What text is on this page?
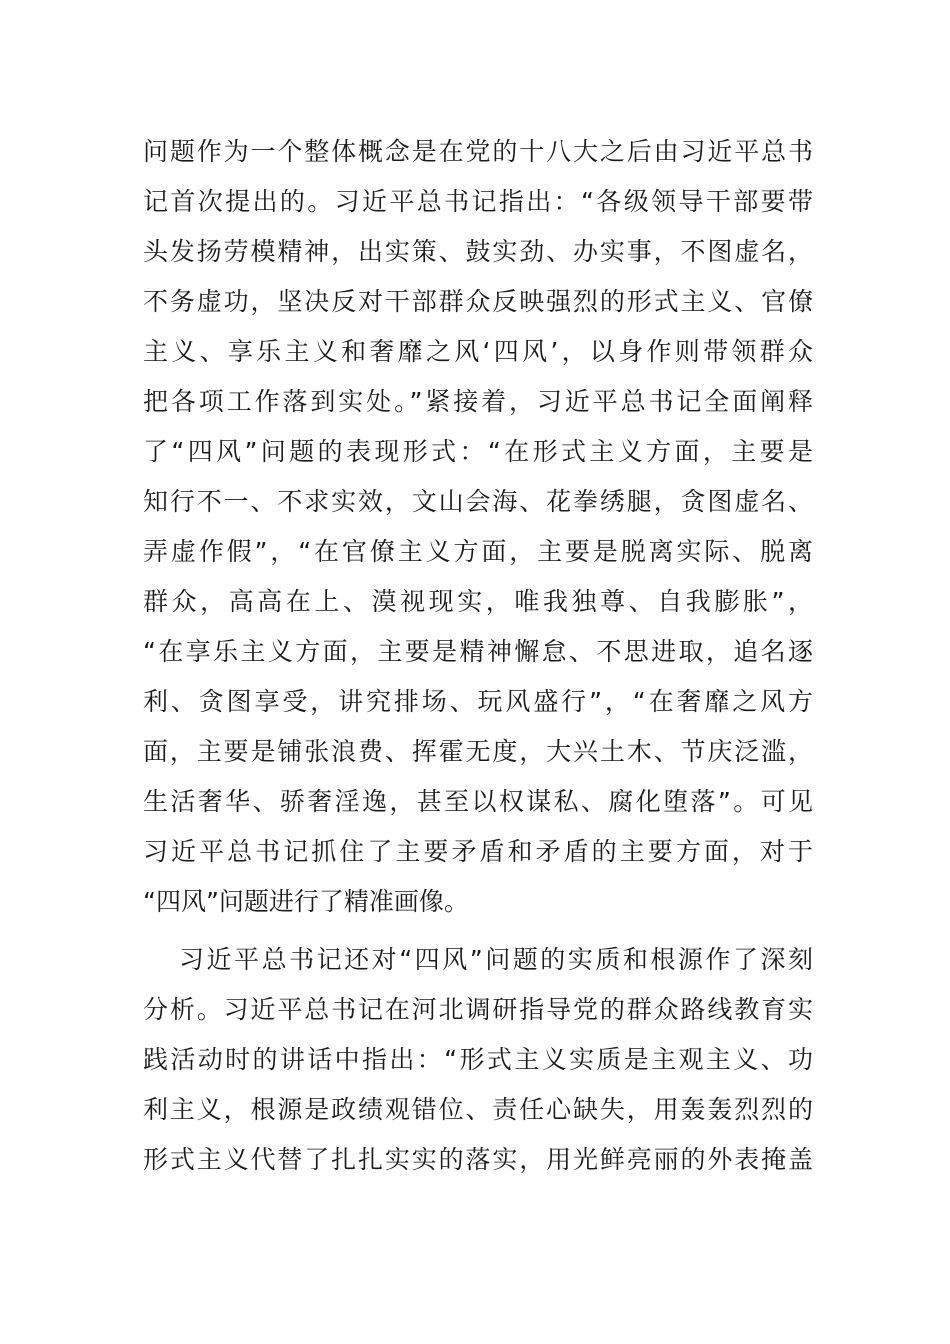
问题作为一个整体概念是在党的十八大之后由习近平总书
记首次提出的。习近平总书记指出：“各级领导干部要带
头发扬劳模精神，出实策、鼓实劲、办实事，不图虚名，
不务虚功，坚决反对干部群众反映强烈的形式主义、官僚
主义、享乐主义和奢靡之风‘四风’，以身作则带领群众
把各项工作落到实处。”紧接着，习近平总书记全面阐释
了“四风”问题的表现形式：“在形式主义方面，主要是
知行不一、不求实效，文山会海、花拳绣腿，贪图虚名、
弄虚作假”，“在官僚主义方面，主要是脱离实际、脱离
群众，高高在上、漠视现实，唯我独尊、自我膨胀”，
“在享乐主义方面，主要是精神懈怠、不思进取，追名逐
利、贪图享受，讲究排场、玩风盛行”，“在奢靡之风方
面，主要是铺张浪费、挥霍无度，大兴土木、节庆泛滥，
生活奢华、骄奢淫逸，甚至以权谋私、腐化堕落”。可见
习近平总书记抓住了主要矛盾和矛盾的主要方面，对于
“四风”问题进行了精准画像。

习近平总书记还对“四风”问题的实质和根源作了深刻
分析。习近平总书记在河北调研指导党的群众路线教育实
践活动时的讲话中指出：“形式主义实质是主观主义、功
利主义，根源是政绩观错位、责任心缺失，用轰轰烈烈的
形式主义代替了扎扎实实的落实，用光鲜亮丽的外表掩盖
